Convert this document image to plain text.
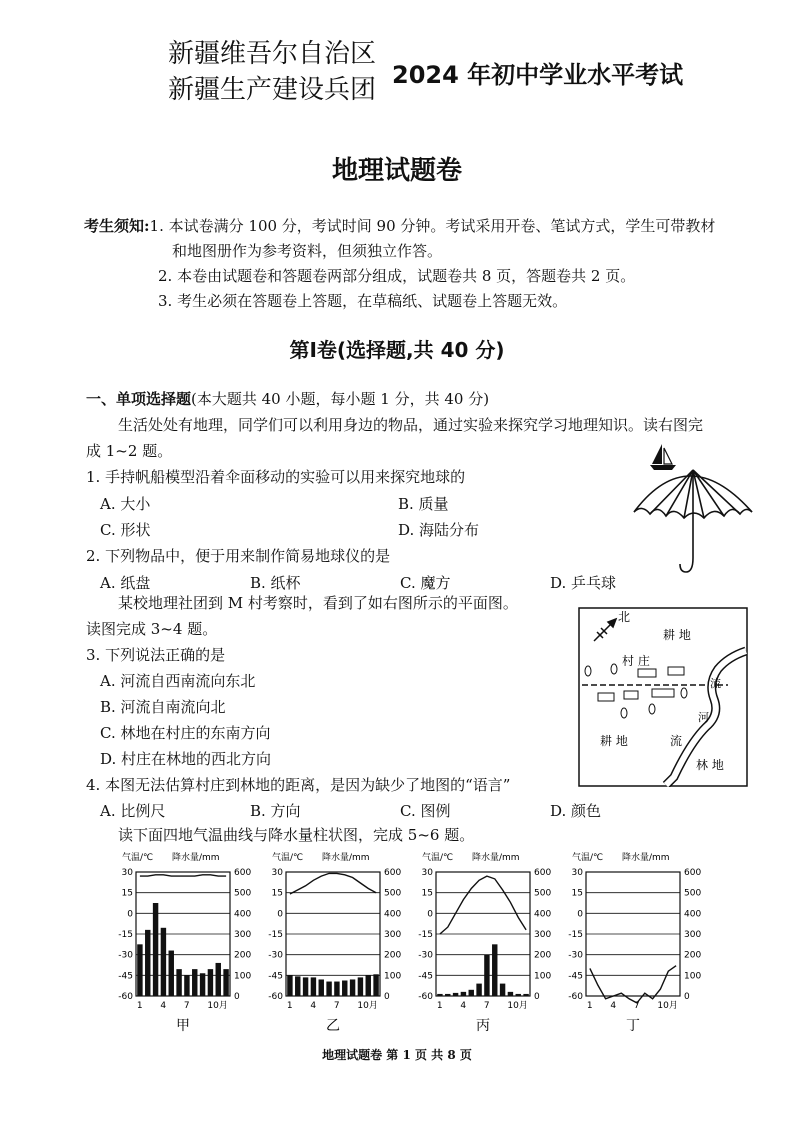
新疆维吾尔自治区
新疆生产建设兵团 2024 年初中学业水平考试
地理试题卷
考生须知:1. 本试卷满分 100 分，考试时间 90 分钟。考试采用开卷、笔试方式，学生可带教材
和地图册作为参考资料，但须独立作答。
2. 本卷由试题卷和答题卷两部分组成，试题卷共 8 页，答题卷共 2 页。
3. 考生必须在答题卷上答题，在草稿纸、试题卷上答题无效。
第Ⅰ卷(选择题,共 40 分)
一、单项选择题(本大题共 40 小题，每小题 1 分，共 40 分)
生活处处有地理，同学们可以利用身边的物品，通过实验来探究学习地理知识。读右图完
成 1~2 题。
1. 手持帆船模型沿着伞面移动的实验可以用来探究地球的
A. 大小	B. 质量
C. 形状	D. 海陆分布
2. 下列物品中，便于用来制作简易地球仪的是
A. 纸盘	B. 纸杯	C. 魔方	D. 乒乓球
某校地理社团到 M 村考察时，看到了如右图所示的平面图。
读图完成 3~4 题。
3. 下列说法正确的是
A. 河流自西南流向东北
B. 河流自南流向北
C. 林地在村庄的东南方向
D. 村庄在林地的西北方向
4. 本图无法估算村庄到林地的距离，是因为缺少了地图的“语言”
A. 比例尺	B. 方向	C. 图例	D. 颜色
读下面四地气温曲线与降水量柱状图，完成 5~6 题。
北
耕 地
村 庄
河
流
耕 地	流
林 地
气温/℃ 降水量/mm
30
15
0
-15
-30
-45
-60
600
500
400
300
200
100
0
1 4 7 10月
甲
气温/℃ 降水量/mm
30
15
0
-15
-30
-45
-60
600
500
400
300
200
100
0
1 4 7 10月
乙
气温/℃ 降水量/mm
30
15
0
-15
-30
-45
-60
600
500
400
300
200
100
0
1 4 7 10月
丙
气温/℃ 降水量/mm
30
15
0
-15
-30
-45
-60
600
500
400
300
200
100
0
1 4 7 10月
丁
地理试题卷 第 1 页 共 8 页
